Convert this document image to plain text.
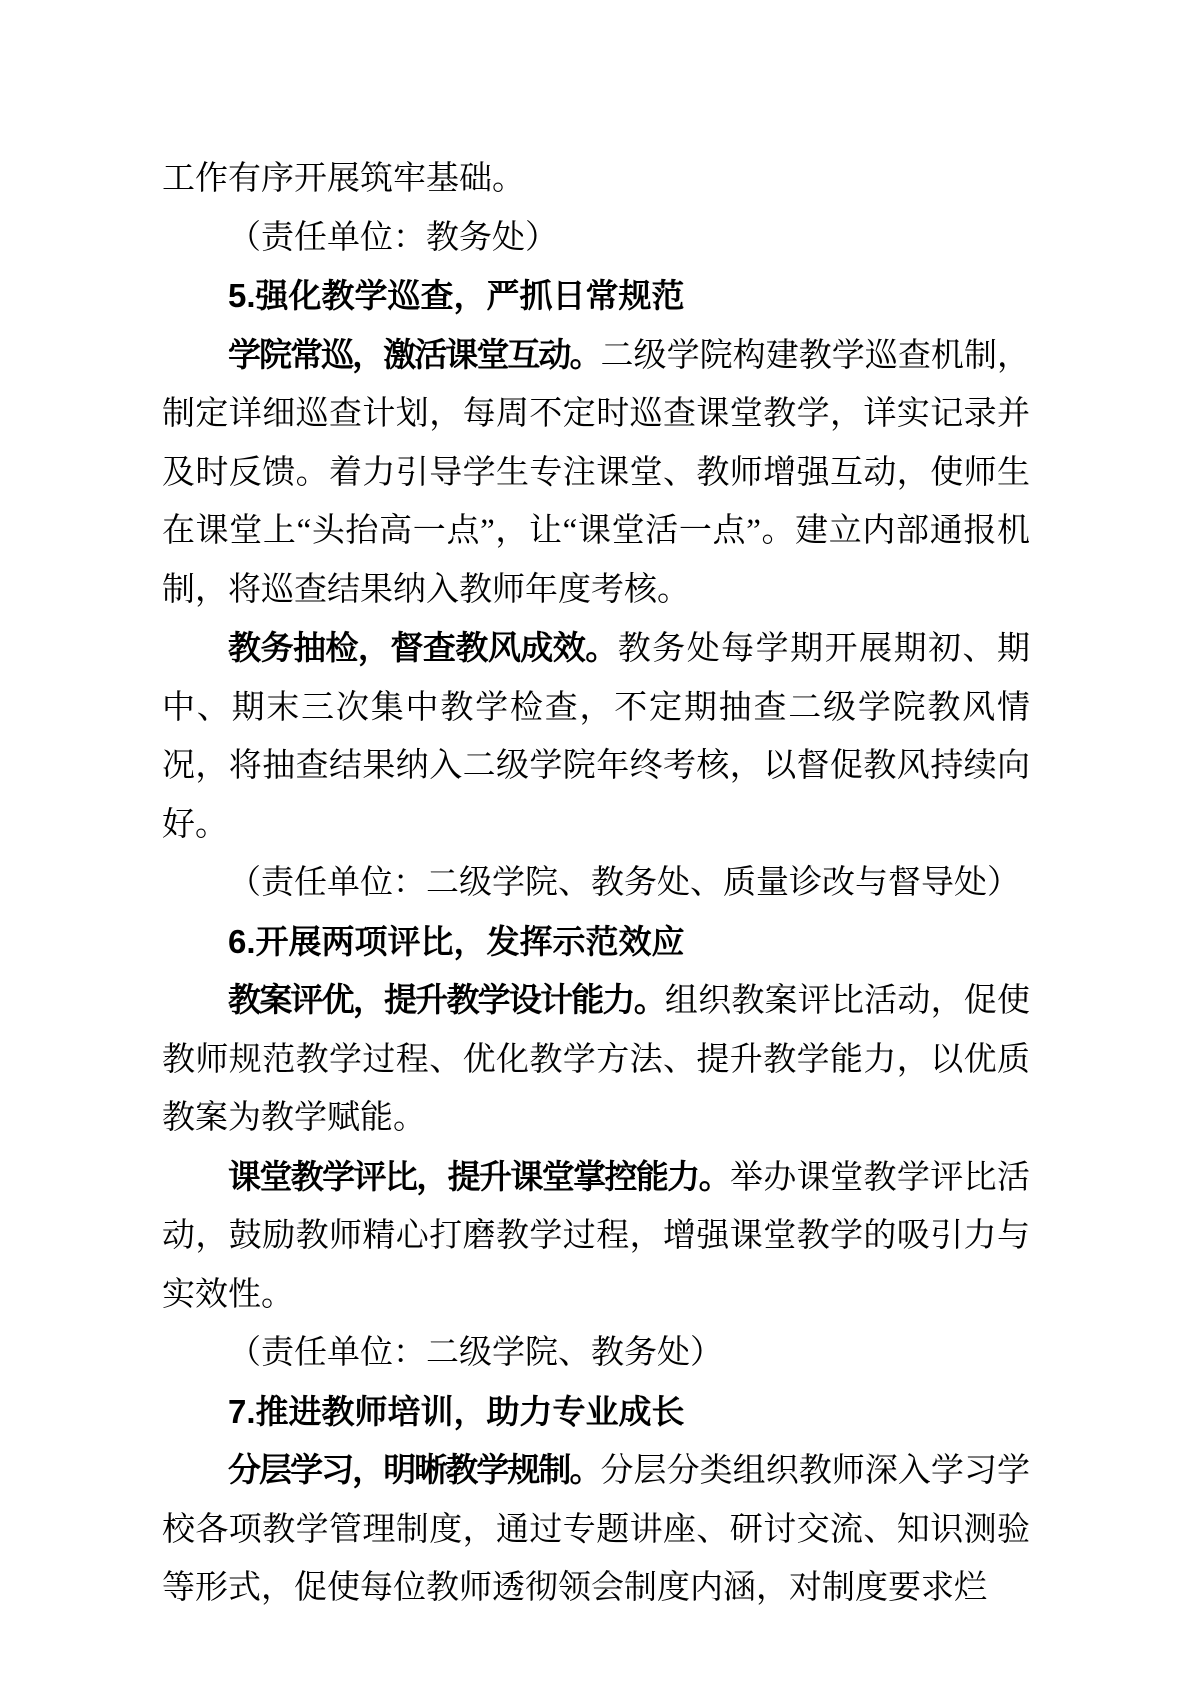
工作有序开展筑牢基础。

（责任单位：教务处）

5.强化教学巡查，严抓日常规范

学院常巡，激活课堂互动。二级学院构建教学巡查机制，制定详细巡查计划，每周不定时巡查课堂教学，详实记录并及时反馈。着力引导学生专注课堂、教师增强互动，使师生在课堂上“头抬高一点”，让“课堂活一点”。建立内部通报机制，将巡查结果纳入教师年度考核。

教务抽检，督查教风成效。教务处每学期开展期初、期中、期末三次集中教学检查，不定期抽查二级学院教风情况，将抽查结果纳入二级学院年终考核，以督促教风持续向好。

（责任单位：二级学院、教务处、质量诊改与督导处）

6.开展两项评比，发挥示范效应

教案评优，提升教学设计能力。组织教案评比活动，促使教师规范教学过程、优化教学方法、提升教学能力，以优质教案为教学赋能。

课堂教学评比，提升课堂掌控能力。举办课堂教学评比活动，鼓励教师精心打磨教学过程，增强课堂教学的吸引力与实效性。

（责任单位：二级学院、教务处）

7.推进教师培训，助力专业成长

分层学习，明晰教学规制。分层分类组织教师深入学习学校各项教学管理制度，通过专题讲座、研讨交流、知识测验等形式，促使每位教师透彻领会制度内涵，对制度要求烂
